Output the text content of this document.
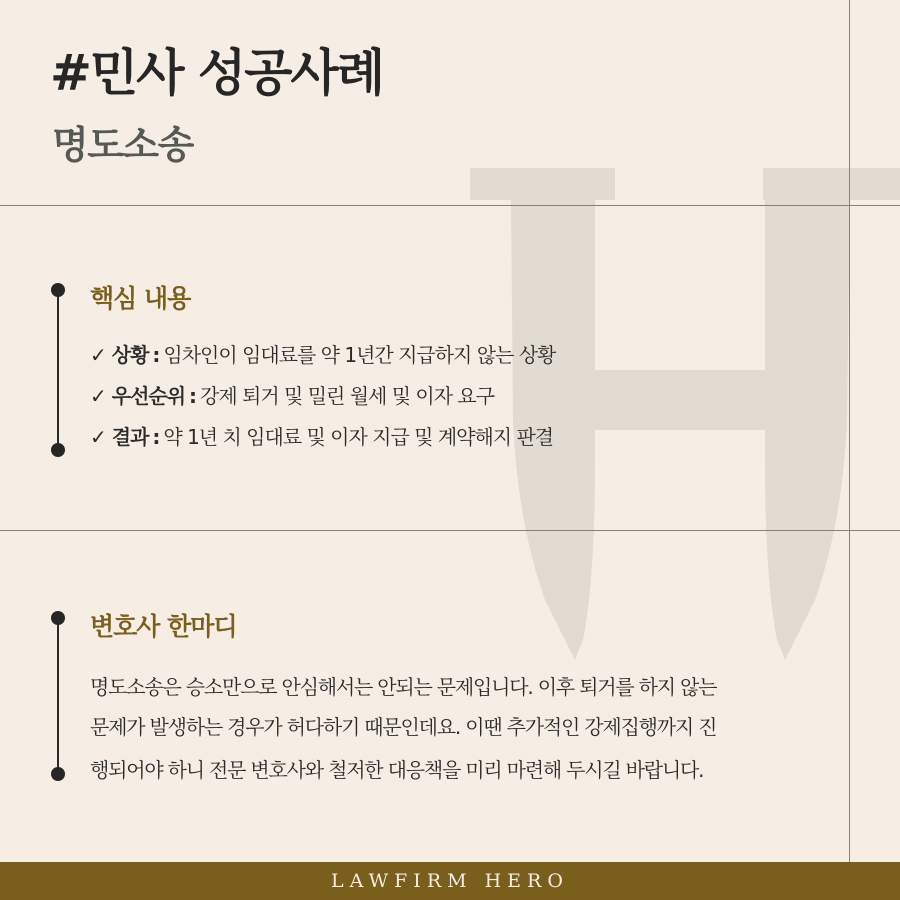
#민사 성공사례
명도소송
핵심 내용
✓ 상황 : 임차인이 임대료를 약 1년간 지급하지 않는 상황
✓ 우선순위 : 강제 퇴거 및 밀린 월세 및 이자 요구
✓ 결과 : 약 1년 치 임대료 및 이자 지급 및 계약해지 판결
변호사 한마디
명도소송은 승소만으로 안심해서는 안되는 문제입니다. 이후 퇴거를 하지 않는
문제가 발생하는 경우가 허다하기 때문인데요. 이땐 추가적인 강제집행까지 진
행되어야 하니 전문 변호사와 철저한 대응책을 미리 마련해 두시길 바랍니다.
LAWFIRM HERO
